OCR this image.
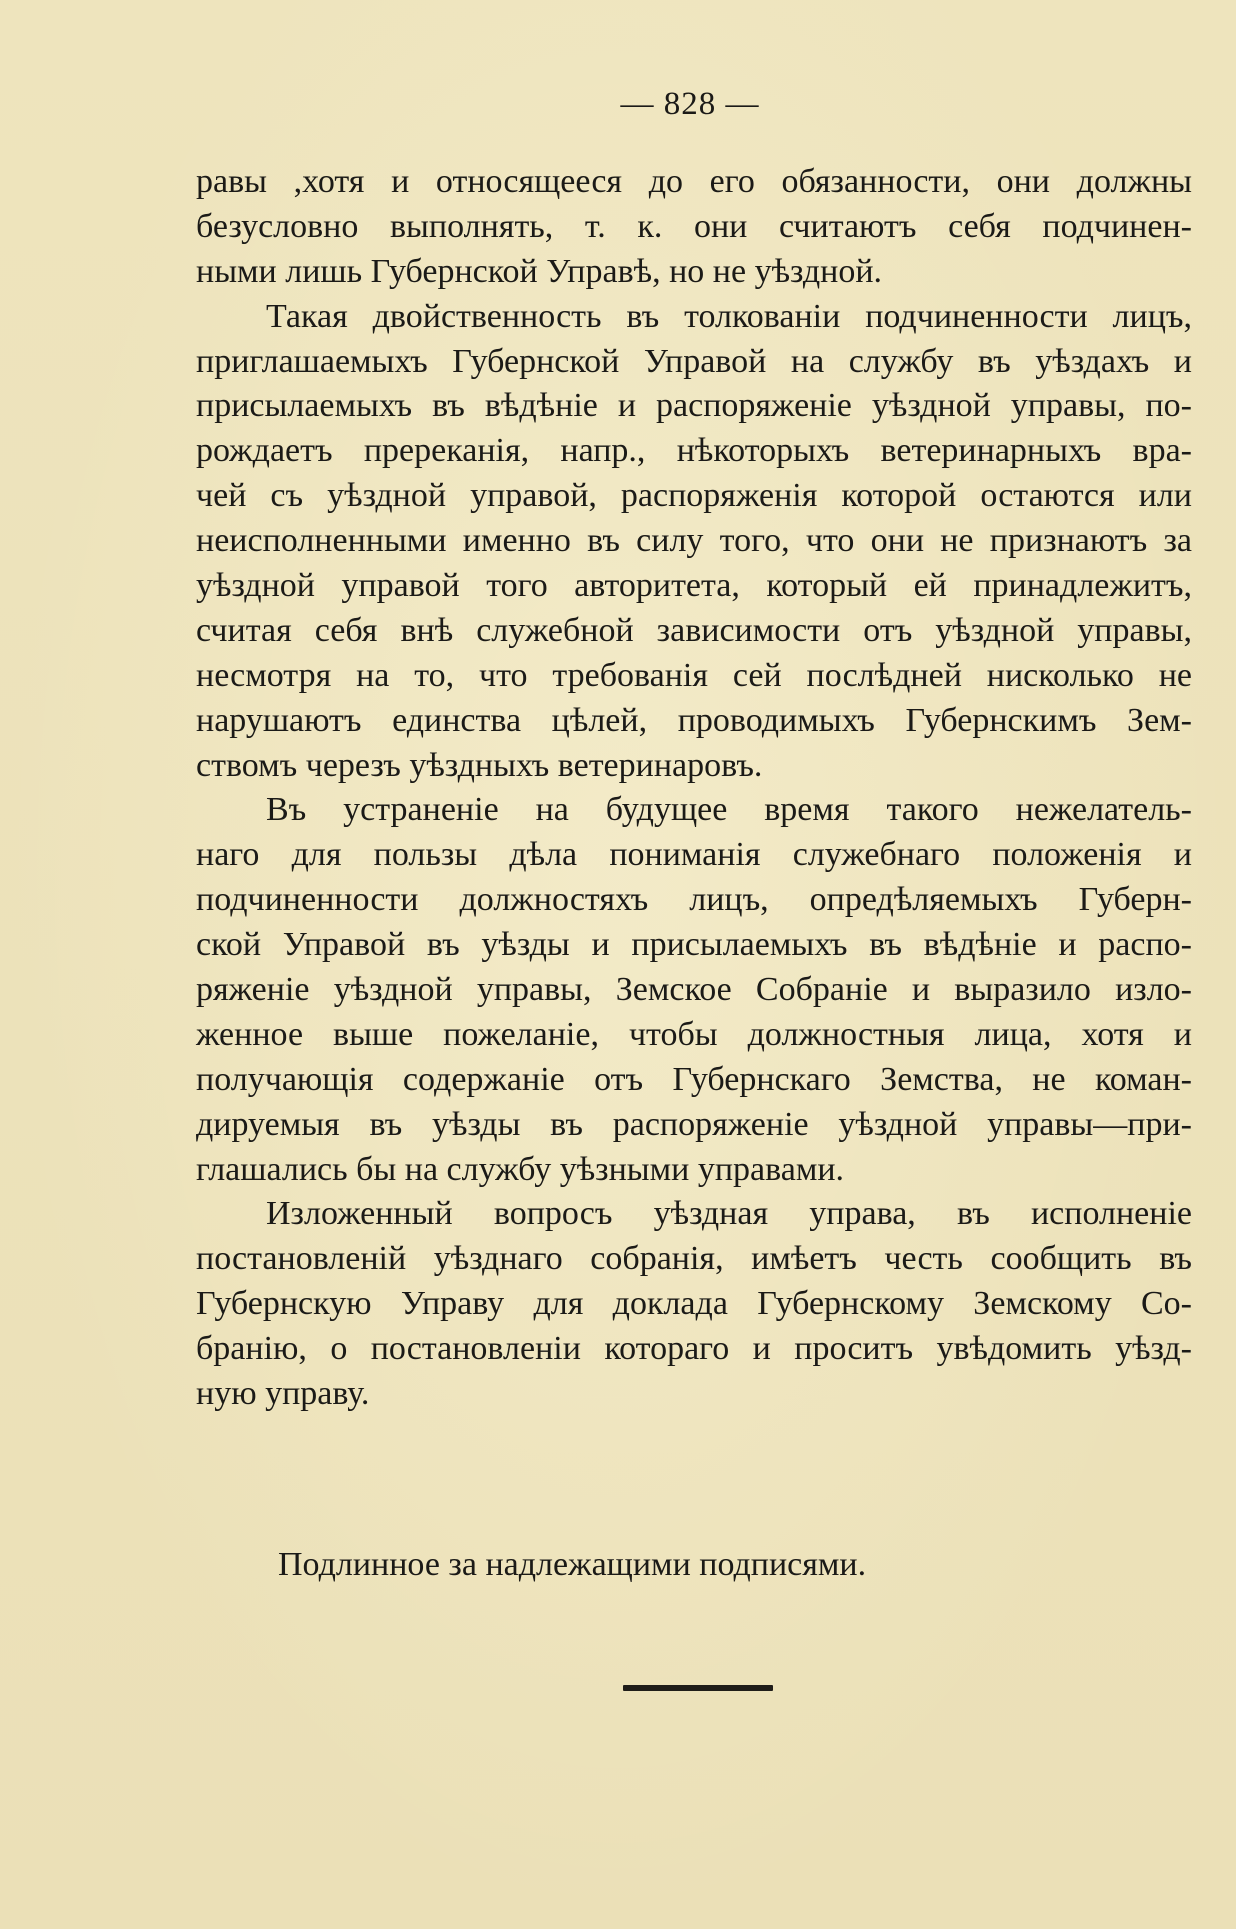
— 828 —

равы ,хотя и относящееся до его обязанности, они должны
безусловно выполнять, т. к. они считаютъ себя подчинен-
ными лишь Губернской Управѣ, но не уѣздной.

Такая двойственность въ толкованіи подчиненности лицъ,
приглашаемыхъ Губернской Управой на службу въ уѣздахъ и
присылаемыхъ въ вѣдѣніе и распоряженіе уѣздной управы, по-
рождаетъ пререканія, напр., нѣкоторыхъ ветеринарныхъ вра-
чей съ уѣздной управой, распоряженія которой остаются или
неисполненными именно въ силу того, что они не признаютъ за
уѣздной управой того авторитета, который ей принадлежитъ,
считая себя внѣ служебной зависимости отъ уѣздной управы,
несмотря на то, что требованія сей послѣдней нисколько не
нарушаютъ единства цѣлей, проводимыхъ Губернскимъ Зем-
ствомъ черезъ уѣздныхъ ветеринаровъ.

Въ устраненіе на будущее время такого нежелатель-
наго для пользы дѣла пониманія служебнаго положенія и
подчиненности должностяхъ лицъ, опредѣляемыхъ Губерн-
ской Управой въ уѣзды и присылаемыхъ въ вѣдѣніе и распо-
ряженіе уѣздной управы, Земское Собраніе и выразило изло-
женное выше пожеланіе, чтобы должностныя лица, хотя и
получающія содержаніе отъ Губернскаго Земства, не коман-
дируемыя въ уѣзды въ распоряженіе уѣздной управы—при-
глашались бы на службу уѣзными управами.

Изложенный вопросъ уѣздная управа, въ исполненіе
постановленій уѣзднаго собранія, имѣетъ честь сообщить въ
Губернскую Управу для доклада Губернскому Земскому Со-
бранію, о постановленіи котораго и проситъ увѣдомить уѣзд-
ную управу.

Подлинное за надлежащими подписями.
